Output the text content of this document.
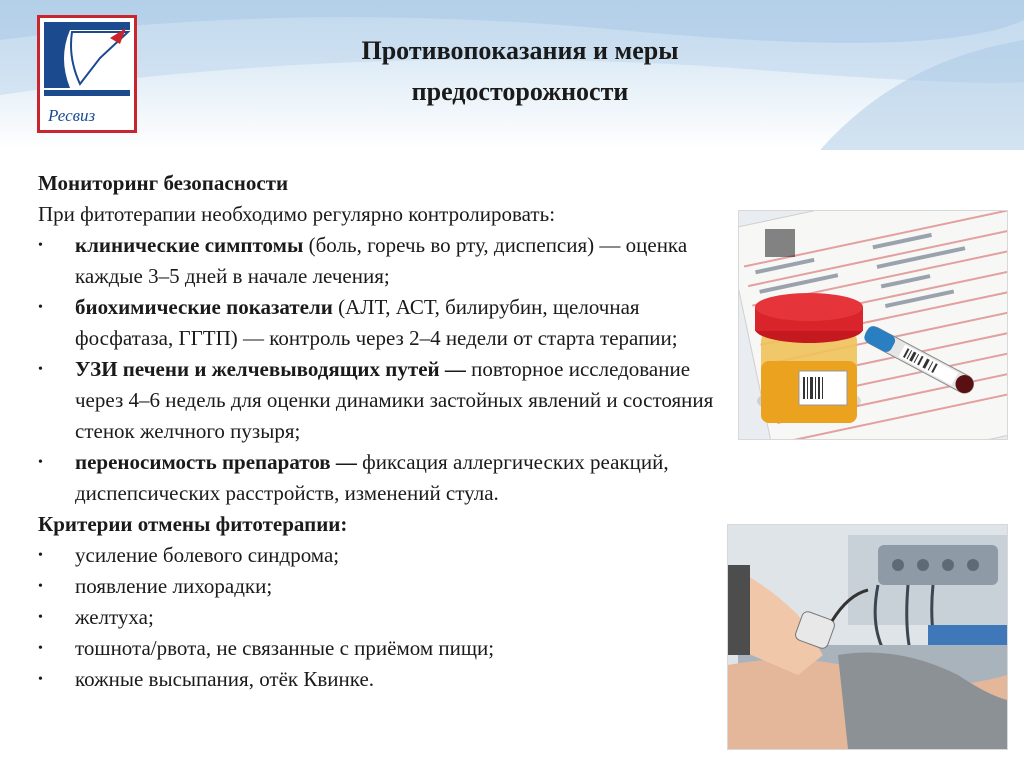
Ресвиз
Противопоказания и меры
предосторожности
Мониторинг безопасности
При фитотерапии необходимо регулярно контролировать:
• клинические симптомы (боль, горечь во рту, диспепсия) — оценка каждые 3–5 дней в начале лечения;
• биохимические показатели (АЛТ, АСТ, билирубин, щелочная фосфатаза, ГГТП) — контроль через 2–4 недели от старта терапии;
• УЗИ печени и желчевыводящих путей — повторное исследование через 4–6 недель для оценки динамики застойных явлений и состояния стенок желчного пузыря;
• переносимость препаратов — фиксация аллергических реакций, диспепсических расстройств, изменений стула.
Критерии отмены фитотерапии:
• усиление болевого синдрома;
• появление лихорадки;
• желтуха;
• тошнота/рвота, не связанные с приёмом пищи;
• кожные высыпания, отёк Квинке.
